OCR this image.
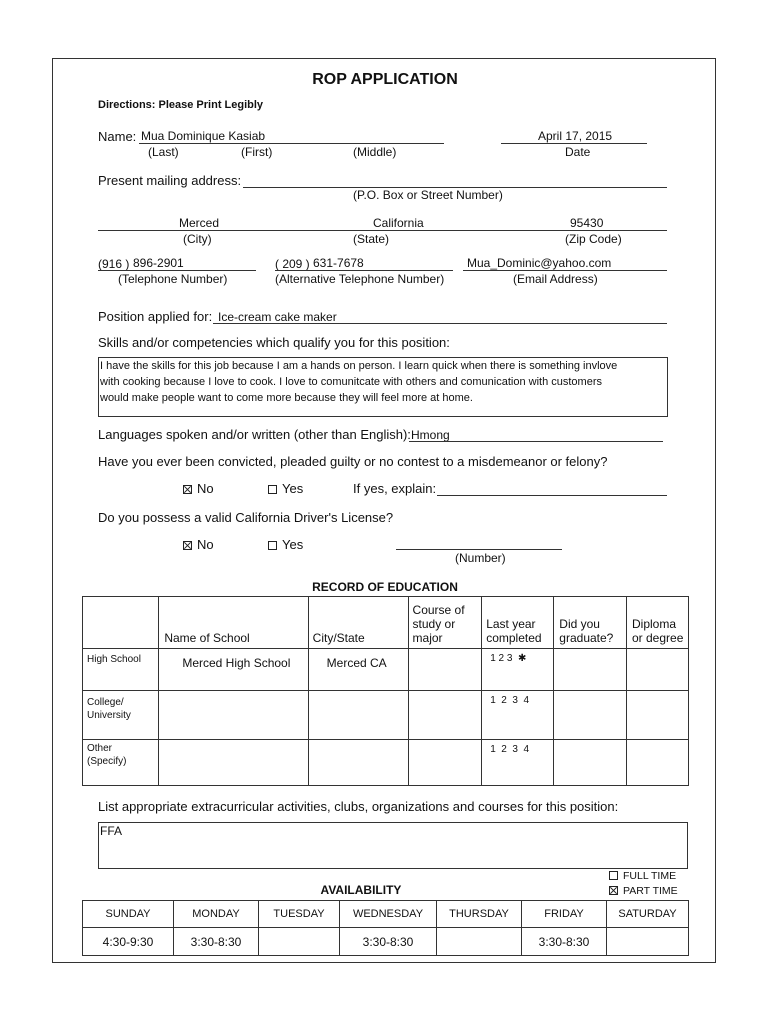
ROP APPLICATION
Directions: Please Print Legibly
Name: Mua Dominique Kasiab
(Last)	(First)	(Middle)
April 17, 2015
Date
Present mailing address:
(P.O. Box or Street Number)
Merced	California	95430
(City)	(State)	(Zip Code)
(916 ) 896-2901
(Telephone Number)
( 209 ) 631-7678
(Alternative Telephone Number)
Mua_Dominic@yahoo.com
(Email Address)
Position applied for: Ice-cream cake maker
Skills and/or competencies which qualify you for this position:
I have the skills for this job because I am a hands on person. I learn quick when there is something invlove
with cooking because I love to cook. I love to comunitcate with others and comunication with customers
would make people want to come more because they will feel more at home.
Languages spoken and/or written (other than English): Hmong
Have you ever been convicted, pleaded guilty or no contest to a misdemeanor or felony?
No	Yes	If yes, explain:
Do you possess a valid California Driver's License?
No	Yes
(Number)
RECORD OF EDUCATION
	Name of School	City/State	Course of study or major	Last year completed	Did you graduate?	Diploma or degree

High School	Merced High School	Merced CA		1 2 3 ✱		

College/ University				1  2  3  4		

Other (Specify)				1  2  3  4		
List appropriate extracurricular activities, clubs, organizations and courses for this position:
FFA
FULL TIME
PART TIME
AVAILABILITY
SUNDAY	MONDAY	TUESDAY	WEDNESDAY	THURSDAY	FRIDAY	SATURDAY
4:30-9:30	3:30-8:30		3:30-8:30		3:30-8:30	
